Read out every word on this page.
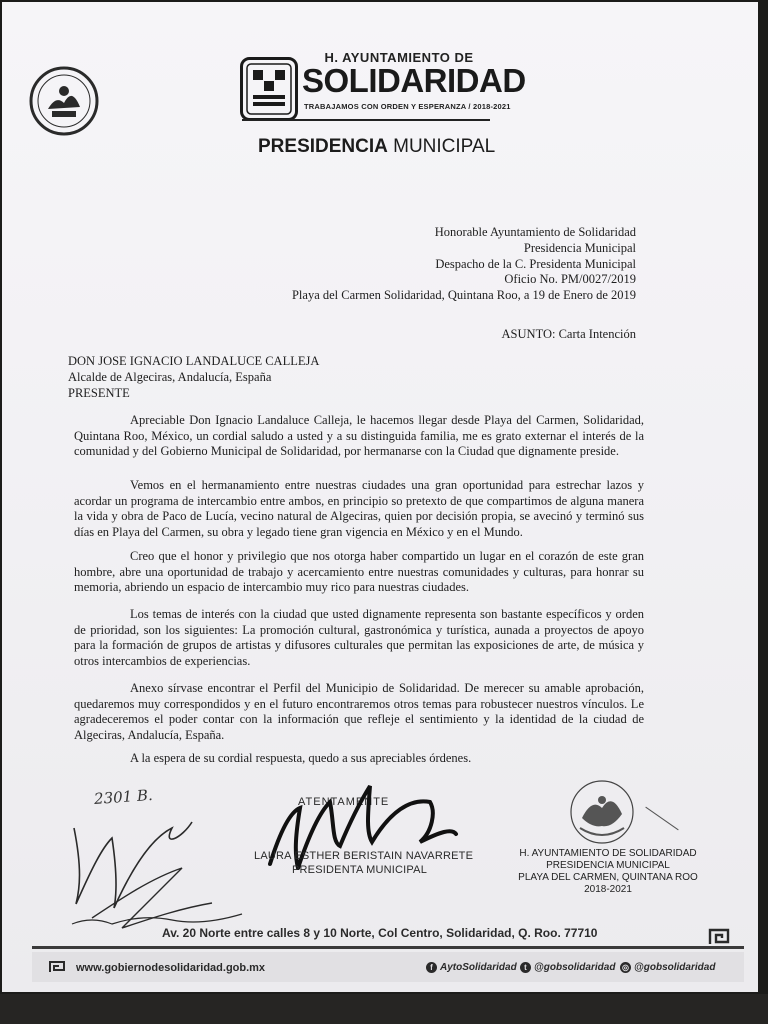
H. AYUNTAMIENTO DE
SOLIDARIDAD
TRABAJAMOS CON ORDEN Y ESPERANZA / 2018-2021
PRESIDENCIA MUNICIPAL
Honorable Ayuntamiento de Solidaridad
Presidencia Municipal
Despacho de la C. Presidenta Municipal
Oficio No. PM/0027/2019
Playa del Carmen Solidaridad, Quintana Roo, a 19 de Enero de 2019
ASUNTO: Carta Intención
DON JOSE IGNACIO LANDALUCE CALLEJA
Alcalde de Algeciras, Andalucía, España
PRESENTE
Apreciable Don Ignacio Landaluce Calleja, le hacemos llegar desde Playa del Carmen, Solidaridad, Quintana Roo, México, un cordial saludo a usted y a su distinguida familia, me es grato externar el interés de la comunidad y del Gobierno Municipal de Solidaridad, por hermanarse con la Ciudad que dignamente preside.
Vemos en el hermanamiento entre nuestras ciudades una gran oportunidad para estrechar lazos y acordar un programa de intercambio entre ambos, en principio so pretexto de que compartimos de alguna manera la vida y obra de Paco de Lucía, vecino natural de Algeciras, quien por decisión propia, se avecinó y terminó sus días en Playa del Carmen, su obra y legado tiene gran vigencia en México y en el Mundo.
Creo que el honor y privilegio que nos otorga haber compartido un lugar en el corazón de este gran hombre, abre una oportunidad de trabajo y acercamiento entre nuestras comunidades y culturas, para honrar su memoria, abriendo un espacio de intercambio muy rico para nuestras ciudades.
Los temas de interés con la ciudad que usted dignamente representa son bastante específicos y orden de prioridad, son los siguientes: La promoción cultural, gastronómica y turística, aunada a proyectos de apoyo para la formación de grupos de artistas y difusores culturales que permitan las exposiciones de arte, de música y otros intercambios de experiencias.
Anexo sírvase encontrar el Perfil del Municipio de Solidaridad. De merecer su amable aprobación, quedaremos muy correspondidos y en el futuro encontraremos otros temas para robustecer nuestros vínculos. Le agradeceremos el poder contar con la información que refleje el sentimiento y la identidad de la ciudad de Algeciras, Andalucía, España.
A la espera de su cordial respuesta, quedo a sus apreciables órdenes.
2301 B.	ATENTAMENTE
LAURA ESTHER BERISTAIN NAVARRETE
PRESIDENTA MUNICIPAL
H. AYUNTAMIENTO DE SOLIDARIDAD
PRESIDENCIA MUNICIPAL
PLAYA DEL CARMEN, QUINTANA ROO
2018-2021
Av. 20 Norte entre calles 8 y 10 Norte, Col Centro, Solidaridad, Q. Roo. 77710
www.gobiernodesolidaridad.gob.mx	f AytoSolidaridad t @gobsolidaridad ◎ @gobsolidaridad
